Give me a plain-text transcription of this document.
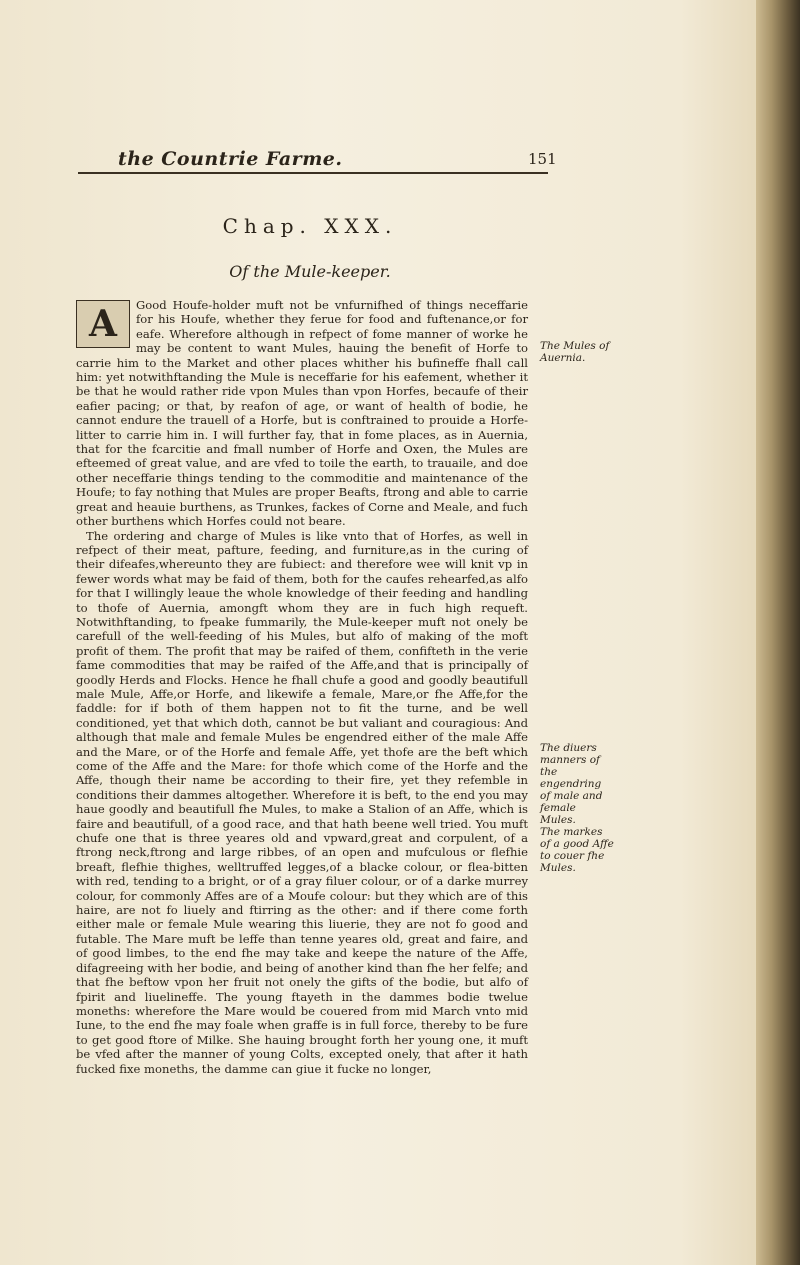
the Countrie Farme.	151
Chap. XXX.
Of the Mule-keeper.

Good Houfe-holder muft not be vnfurnifhed of things neceffarie for his Houfe, whether they ferue for food and fuftenance,or for eafe. Wherefore although in refpect of fome manner of worke he may be content to want Mules, hauing the benefit of Horfe to carrie him to the Market and other places whither his bufineffe fhall call him: yet notwithftanding the Mule is neceffarie for his eafement, whether it be that he would rather ride vpon Mules than vpon Horfes, becaufe of their eafier pacing; or that, by reafon of age, or want of health of bodie, he cannot endure the trauell of a Horfe, but is conftrained to prouide a Horfe-litter to carrie him in. I will further fay, that in fome places, as in Auernia, that for the fcarcitie and fmall number of Horfe and Oxen, the Mules are efteemed of great value, and are vfed to toile the earth, to trauaile, and doe other neceffarie things tending to the commoditie and maintenance of the Houfe; to fay nothing that Mules are proper Beafts, ftrong and able to carrie great and heauie burthens, as Trunkes, fackes of Corne and Meale, and fuch other burthens which Horfes could not beare.

The ordering and charge of Mules is like vnto that of Horfes, as well in refpect of their meat, pafture, feeding, and furniture,as in the curing of their difeafes,whereunto they are fubiect: and therefore wee will knit vp in fewer words what may be faid of them, both for the caufes rehearfed,as alfo for that I willingly leaue the whole knowledge of their feeding and handling to thofe of Auernia, amongft whom they are in fuch high requeft. Notwithftanding, to fpeake fummarily, the Mule-keeper muft not onely be carefull of the well-feeding of his Mules, but alfo of making of the moft profit of them. The profit that may be raifed of them, confifteth in the verie fame commodities that may be raifed of the Affe,and that is principally of goodly Herds and Flocks. Hence he fhall chufe a good and goodly beautifull male Mule, Affe,or Horfe, and likewife a female, Mare,or fhe Affe,for the faddle: for if both of them happen not to fit the turne, and be well conditioned, yet that which doth, cannot be but valiant and couragious: And although that male and female Mules be engendred either of the male Affe and the Mare, or of the Horfe and female Affe, yet thofe are the beft which come of the Affe and the Mare: for thofe which come of the Horfe and the Affe, though their name be according to their fire, yet they refemble in conditions their dammes altogether. Wherefore it is beft, to the end you may haue goodly and beautifull fhe Mules, to make a Stalion of an Affe, which is faire and beautifull, of a good race, and that hath beene well tried. You muft chufe one that is three yeares old and vpward,great and corpulent, of a ftrong neck,ftrong and large ribbes, of an open and mufculous or flefhie breaft, flefhie thighes, welltruffed legges,of a blacke colour, or flea-bitten with red, tending to a bright, or of a gray filuer colour, or of a darke murrey colour, for commonly Affes are of a Moufe colour: but they which are of this haire, are not fo liuely and ftirring as the other: and if there come forth either male or female Mule wearing this liuerie, they are not fo good and futable. The Mare muft be leffe than tenne yeares old, great and faire, and of good limbes, to the end fhe may take and keepe the nature of the Affe, difagreeing with her bodie, and being of another kind than fhe her felfe; and that fhe beftow vpon her fruit not onely the gifts of the bodie, but alfo of fpirit and liuelineffe. The young ftayeth in the dammes bodie twelue moneths: wherefore the Mare would be couered from mid March vnto mid Iune, to the end fhe may foale when graffe is in full force, thereby to be fure to get good ftore of Milke. She hauing brought forth her young one, it muft be vfed after the manner of young Colts, excepted onely, that after it hath fucked fixe moneths, the damme can giue it fucke no longer,

A
The Mules of Auernia.
The diuers manners of the engendring of male and female Mules.
The markes of a good Affe to couer fhe Mules.
